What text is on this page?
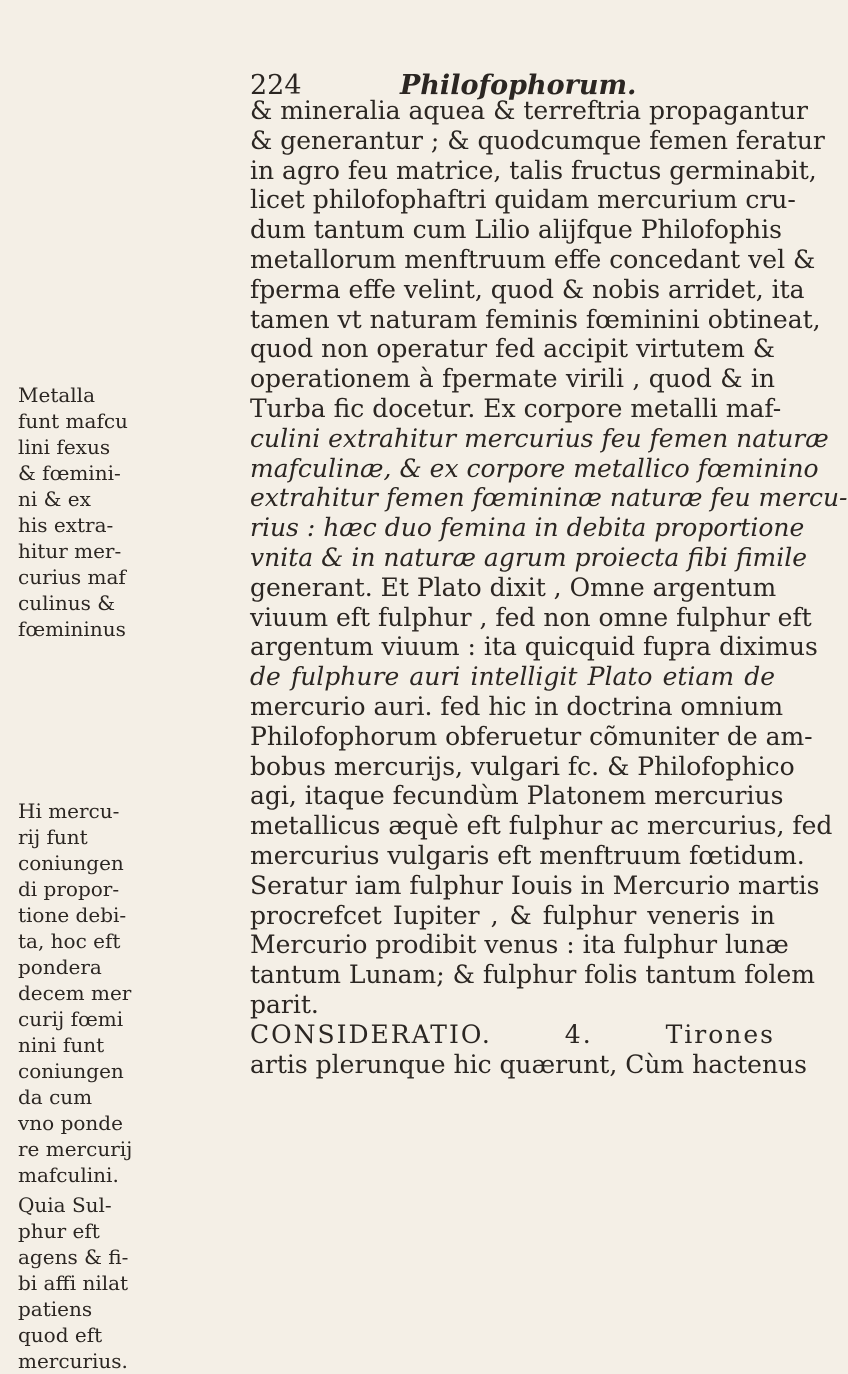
224	Philofophorum.
& mineralia aquea & terreftria propagantur
& generantur ; & quodcumque femen feratur
in agro feu matrice, talis fructus germinabit,
licet philofophaftri quidam mercurium cru-
dum tantum cum Lilio alijfque Philofophis
metallorum menftruum effe concedant vel &
fperma effe velint, quod & nobis arridet, ita
tamen vt naturam feminis fœminini obtineat,
quod non operatur fed accipit virtutem &
operationem à fpermate virili , quod & in
Turba fic docetur. Ex corpore metalli maf-
culini extrahitur mercurius feu femen naturæ
mafculinæ, & ex corpore metallico fœminino
extrahitur femen fœmininæ naturæ feu mercu-
rius : hæc duo femina in debita proportione
vnita & in naturæ agrum proiecta fibi fimile
generant. Et Plato dixit , Omne argentum
viuum eft fulphur , fed non omne fulphur eft
argentum viuum : ita quicquid fupra diximus
de fulphure auri intelligit Plato etiam de
mercurio auri. fed hic in doctrina omnium
Philofophorum obferuetur cõmuniter de am-
bobus mercurijs, vulgari fc. & Philofophico
agi, itaque fecundùm Platonem mercurius
metallicus æquè eft fulphur ac mercurius, fed
mercurius vulgaris eft menftruum fœtidum.
Seratur iam fulphur Iouis in Mercurio martis
procrefcet Iupiter , & fulphur veneris in
Mercurio prodibit venus : ita fulphur lunæ
tantum Lunam; & fulphur folis tantum folem
parit.
CONSIDERATIO. 4. Tirones
artis plerunque hic quærunt, Cùm hactenus
Metalla
funt mafcu
lini fexus
& fœmini-
ni & ex
his extra-
hitur mer-
curius maf
culinus &
fœmininus
Hi mercu-
rij funt
coniungen
di propor-
tione debi-
ta, hoc eft
pondera
decem mer
curij fœmi
nini funt
coniungen
da cum
vno ponde
re mercurij
mafculini.
Quia Sul-
phur eft
agens & fi-
bi affi nilat
patiens
quod eft
mercurius.
